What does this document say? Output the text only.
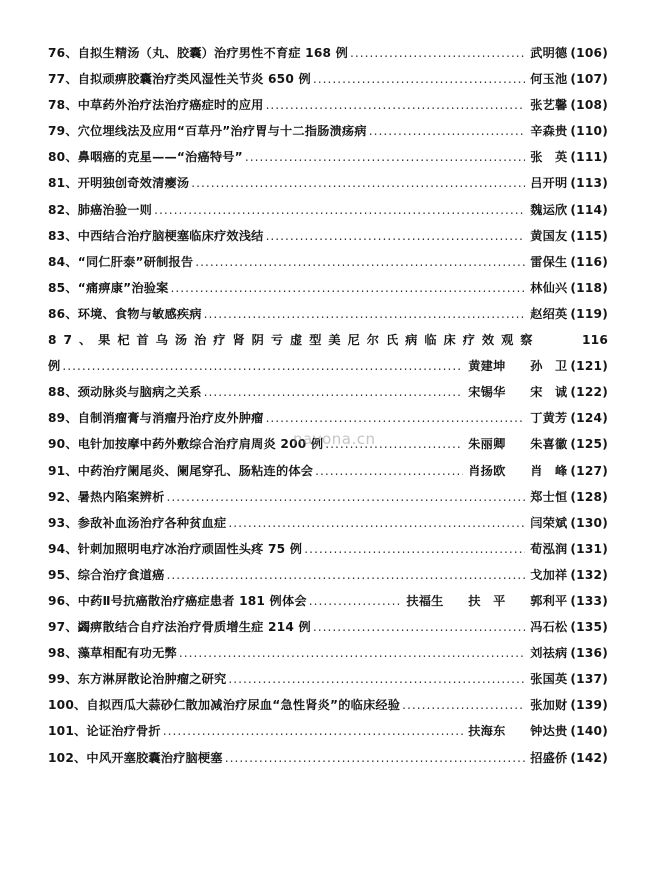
76、自拟生精汤（丸、胶囊）治疗男性不育症 168 例 .....	武明德 (106)
77、自拟顽痹胶囊治疗类风湿性关节炎 650 例 .....	何玉池 (107)
78、中草药外治疗法治疗癌症时的应用 .....	张艺馨 (108)
79、穴位埋线法及应用“百草丹”治疗胃与十二指肠溃疡病 .....	辛森贵 (110)
80、鼻咽癌的克星——“治癌特号” .....	张　英 (111)
81、开明独创奇效清瘿汤 .....	吕开明 (113)
82、肺癌治验一则 .....	魏运欣 (114)
83、中西结合治疗脑梗塞临床疗效浅结 .....	黄国友 (115)
84、“同仁肝泰”研制报告 .....	雷保生 (116)
85、“痛痹康”治验案 .....	林仙兴 (118)
86、环境、食物与敏感疾病 .....	赵绍英 (119)
87、果杞首乌汤治疗肾阴亏虚型美尼尔氏病临床疗效观察	116
例 .....	黄建坤　　孙　卫 (121)
88、颈动脉炎与脑病之关系 .....	宋锡华　　宋　诚 (122)
89、自制消瘤膏与消瘤丹治疗皮外肿瘤 .....	丁黄芳 (124)
90、电针加按摩中药外敷综合治疗肩周炎 200 例 .....	朱丽卿　　朱喜徽 (125)
91、中药治疗阑尾炎、阑尾穿孔、肠粘连的体会 .....	肖扬欧　　肖　峰 (127)
92、暑热内陷案辨析 .....	郑士恒 (128)
93、参敌补血汤治疗各种贫血症 .....	闫荣斌 (130)
94、针刺加照明电疗冰治疗顽固性头疼 75 例 .....	荀泓润 (131)
95、综合治疗食道癌 .....	戈加祥 (132)
96、中药Ⅱ号抗癌散治疗癌症患者 181 例体会 .....	扶福生　　扶　平　　郭利平 (133)
97、蠲痹散结合自疗法治疗骨质增生症 214 例 .....	冯石松 (135)
98、藻草相配有功无弊 .....	刘祛病 (136)
99、东方淋屏散论治肿瘤之研究 .....	张国英 (137)
100、自拟西瓜大蒜砂仁散加减治疗尿血“急性肾炎”的临床经验 .....	张加财 (139)
101、论证治疗骨折 .....	扶海东　　钟达贵 (140)
102、中风开塞胶囊治疗脑梗塞 .....	招盛侨 (142)
nayona.cn
